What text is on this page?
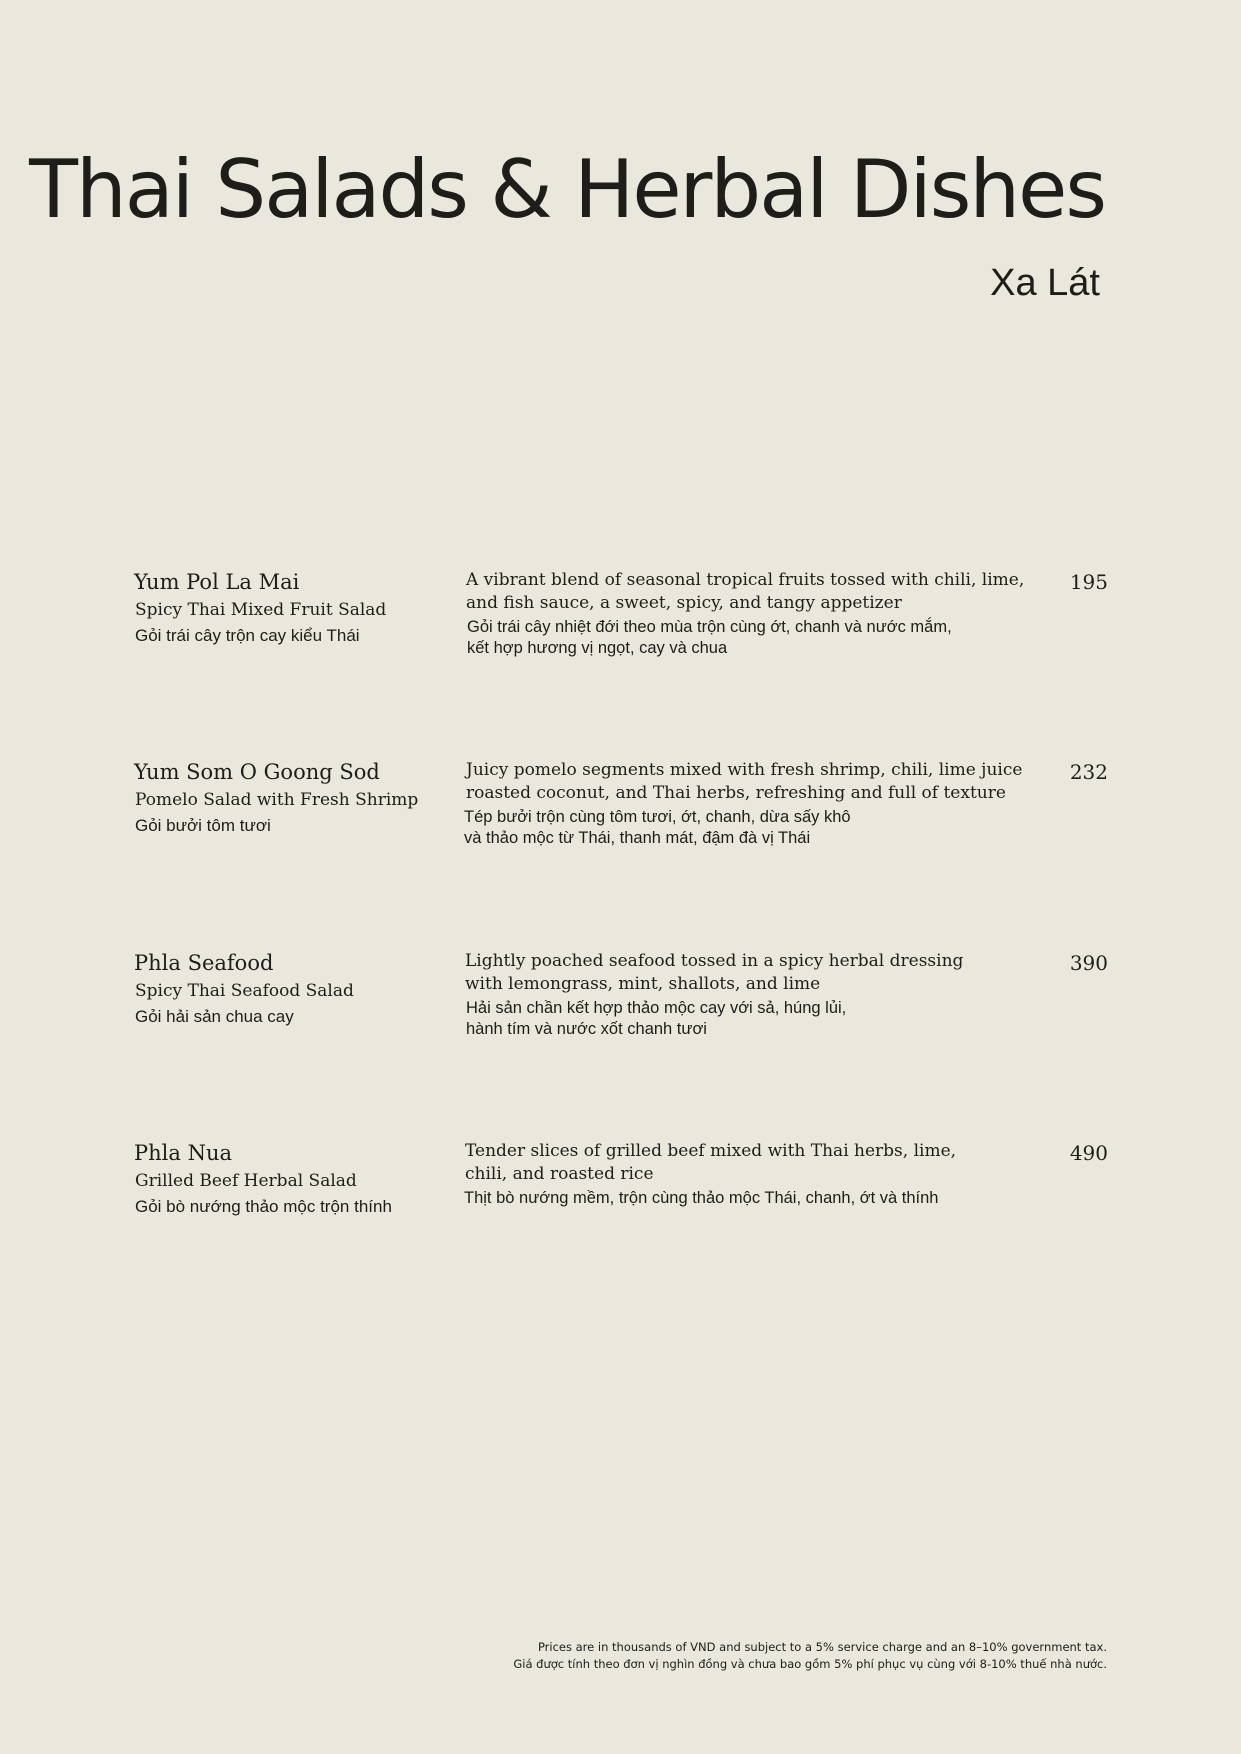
Thai Salads & Herbal Dishes
Xa Lát
Yum Pol La Mai
Spicy Thai Mixed Fruit Salad
Gỏi trái cây trộn cay kiểu Thái
A vibrant blend of seasonal tropical fruits tossed with chili, lime,
and fish sauce, a sweet, spicy, and tangy appetizer
Gỏi trái cây nhiệt đới theo mùa trộn cùng ớt, chanh và nước mắm,
kết hợp hương vị ngọt, cay và chua
195
Yum Som O Goong Sod
Pomelo Salad with Fresh Shrimp
Gỏi bưởi tôm tươi
Juicy pomelo segments mixed with fresh shrimp, chili, lime juice
roasted coconut, and Thai herbs, refreshing and full of texture
Tép bưởi trộn cùng tôm tươi, ớt, chanh, dừa sấy khô
và thảo mộc từ Thái, thanh mát, đậm đà vị Thái
232
Phla Seafood
Spicy Thai Seafood Salad
Gỏi hải sản chua cay
Lightly poached seafood tossed in a spicy herbal dressing
with lemongrass, mint, shallots, and lime
Hải sản chần kết hợp thảo mộc cay với sả, húng lủi,
hành tím và nước xốt chanh tươi
390
Phla Nua
Grilled Beef Herbal Salad
Gỏi bò nướng thảo mộc trộn thính
Tender slices of grilled beef mixed with Thai herbs, lime,
chili, and roasted rice
Thịt bò nướng mềm, trộn cùng thảo mộc Thái, chanh, ớt và thính
490
Prices are in thousands of VND and subject to a 5% service charge and an 8–10% government tax.
Giá được tính theo đơn vị nghìn đồng và chưa bao gồm 5% phí phục vụ cùng với 8-10% thuế nhà nước.
